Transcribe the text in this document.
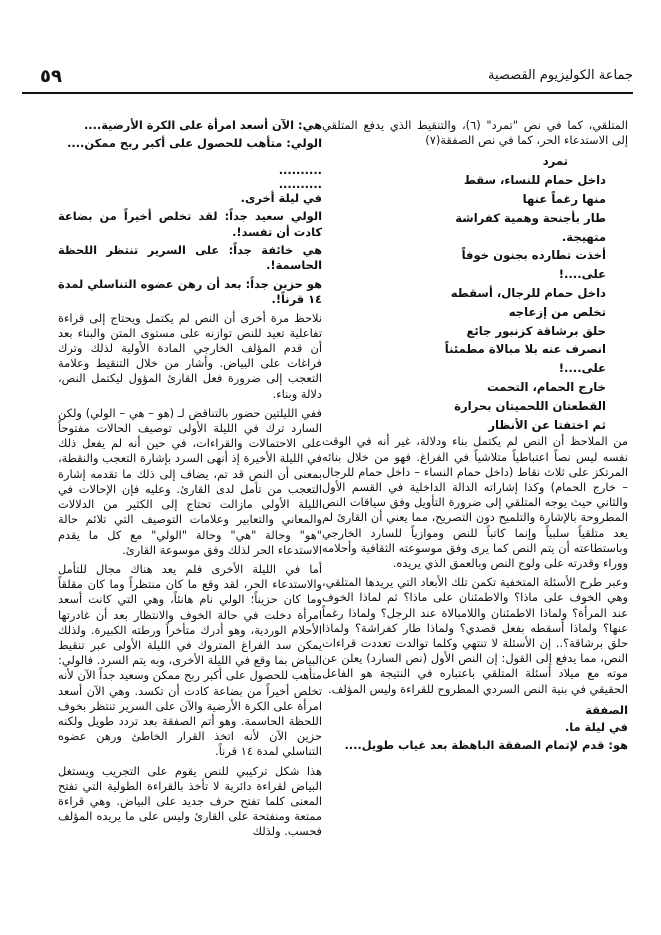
٥٩	جماعة الكوليزيوم القصصية

المتلقي، كما في نص "تمرد" (٦)، والتنقيط الذي يدفع المتلقي إلى الاستدعاء الحر، كما في نص الصفقة(٧)

تمرد

داخل حمام للنساء، سقط

منها رغماً عنها

طار بأجنحة وهمية كفراشة

متهيجة.

أخذت تطارده بجنون خوفاً

على....!

داخل حمام للرجال، أسقطه

تخلص من إزعاجه

حلق برشاقة كزنبور جائع

انصرف عنه بلا مبالاة مطمئناً

على....!

خارج الحمام، التحمت

القطعتان اللحميتان بحرارة

ثم اختفتا عن الأنظار

من الملاحظ أن النص لم يكتمل بناء ودلالة، غير أنه في الوقت نفسه ليس نصاً اعتباطياً متلاشياً في الفراغ. فهو من خلال بنائه المرتكز على ثلاث نقاط (داخل حمام النساء – داخل حمام للرجال – خارج الحمام) وكذا إشاراته الدالة الداخلية في القسم الأول والثاني حيث يوجه المتلقي إلى ضرورة التأويل وفق سياقات النص المطروحة بالإشارة والتلميح دون التصريح، مما يعني أن القارئ لم يعد متلقياً سلبياً وإنما كاتباً للنص وموازياً للسارد الخارجي وباستطاعته أن يتم النص كما يرى وفق موسوعته الثقافية وأحلامه ووراء وقدرته على ولوج النص وبالعمق الذي يريده.

وعبر طرح الأسئلة المتخفية تكمن تلك الأبعاد التي يريدها المتلقي، وهي الخوف على ماذا؟ والاطمئنان على ماذا؟ ثم لماذا الخوف عند المرأة؟ ولماذا الاطمئنان واللامبالاة عند الرجل؟ ولماذا رغماً عنها؟ ولماذا أسقطه بفعل قصدي؟ ولماذا طار كفراشة؟ ولماذا حلق برشاقة؟.. إن الأسئلة لا تنتهي وكلما توالدت تعددت قراءات النص، مما يدفع إلى القول: إن النص الأول (نص السارد) يعلن عن موته مع ميلاد أسئلة المتلقي باعتباره في النتيجة هو الفاعل الحقيقي في بنية النص السردي المطروح للقراءة وليس المؤلف.

الصفقة

في ليلة ما.

هو: قدم لإتمام الصفقة الباهظة بعد غياب طويل....

هي: الآن أسعد امرأة على الكرة الأرضية....

الولي: متأهب للحصول على أكبر ربح ممكن....

..........

..........

في ليلة أخرى.

الولي سعيد جداً: لقد تخلص أخيراً من بضاعة كادت أن تفسد!.

هي خائفة جداً: على السرير تنتظر اللحظة الحاسمة!.

هو حزين جداً: بعد أن رهن عضوه التناسلي لمدة ١٤ قرناً!.

نلاحظ مرة أخرى أن النص لم يكتمل ويحتاج إلى قراءة تفاعلية تعيد للنص توازنه على مستوى المتن والبناء بعد أن قدم المؤلف الخارجي المادة الأولية لذلك وترك فراغات على البياض. وأشار من خلال التنقيط وعلامة التعجب إلى ضرورة فعل القارئ المؤول ليكتمل النص، دلالة وبناء.

ففي الليلتين حضور بالتناقض لـ (هو – هي – الولي) ولكن السارد ترك في الليلة الأولى توصيف الحالات مفتوحاً على الاحتمالات والقراءات، في حين أنه لم يفعل ذلك في الليلة الأخيرة إذ أنهى السرد بإشارة التعجب والنقطة، بمعنى أن النص قد تم، يضاف إلى ذلك ما تقدمه إشارة التعجب من تأمل لدى القارئ. وعليه فإن الإحالات في الليلة الأولى مازالت تحتاج إلى الكثير من الدلالات والمعاني والتعابير وعلامات التوصيف التي تلائم حالة "هو" وحالة "هي" وحالة "الولي" مع كل ما يقدم الاستدعاء الحر لذلك وفق موسوعة القارئ.

أما في الليلة الأخرى فلم يعد هناك مجال للتأمل والاستدعاء الحر، لقد وقع ما كان منتظراً وما كان مقلقاً وما كان حزيناً؛ الولي نام هانئاً، وهي التي كانت أسعد امرأة دخلت في حالة الخوف والانتظار بعد أن غادرتها الأحلام الوردية، وهو أدرك متأخراً ورطته الكبيرة. ولذلك يمكن سد الفراغ المتروك في الليلة الأولى عبر تنقيط البياض بما وقع في الليلة الأخرى، وبه يتم السرد. فالولي: متأهب للحصول على أكبر ربح ممكن وسعيد جداً الآن لأنه تخلص أخيراً من بضاعة كادت أن تكسد. وهي الآن أسعد امرأة على الكرة الأرضية والآن على السرير تنتظر بخوف اللحظة الحاسمة. وهو أتم الصفقة بعد تردد طويل ولكنه حزين الآن لأنه اتخذ القرار الخاطئ ورهن عضوه التناسلي لمدة ١٤ قرناً.

هذا شكل تركيبي للنص يقوم على التجريب ويستغل البياض لقراءة دائرية لا تأخذ بالقراءة الطولية التي تفتح المعنى كلما تفتح حرف جديد على البياض. وهي قراءة ممتعة ومنفتحة على القارئ وليس على ما يريده المؤلف فحسب. ولذلك
